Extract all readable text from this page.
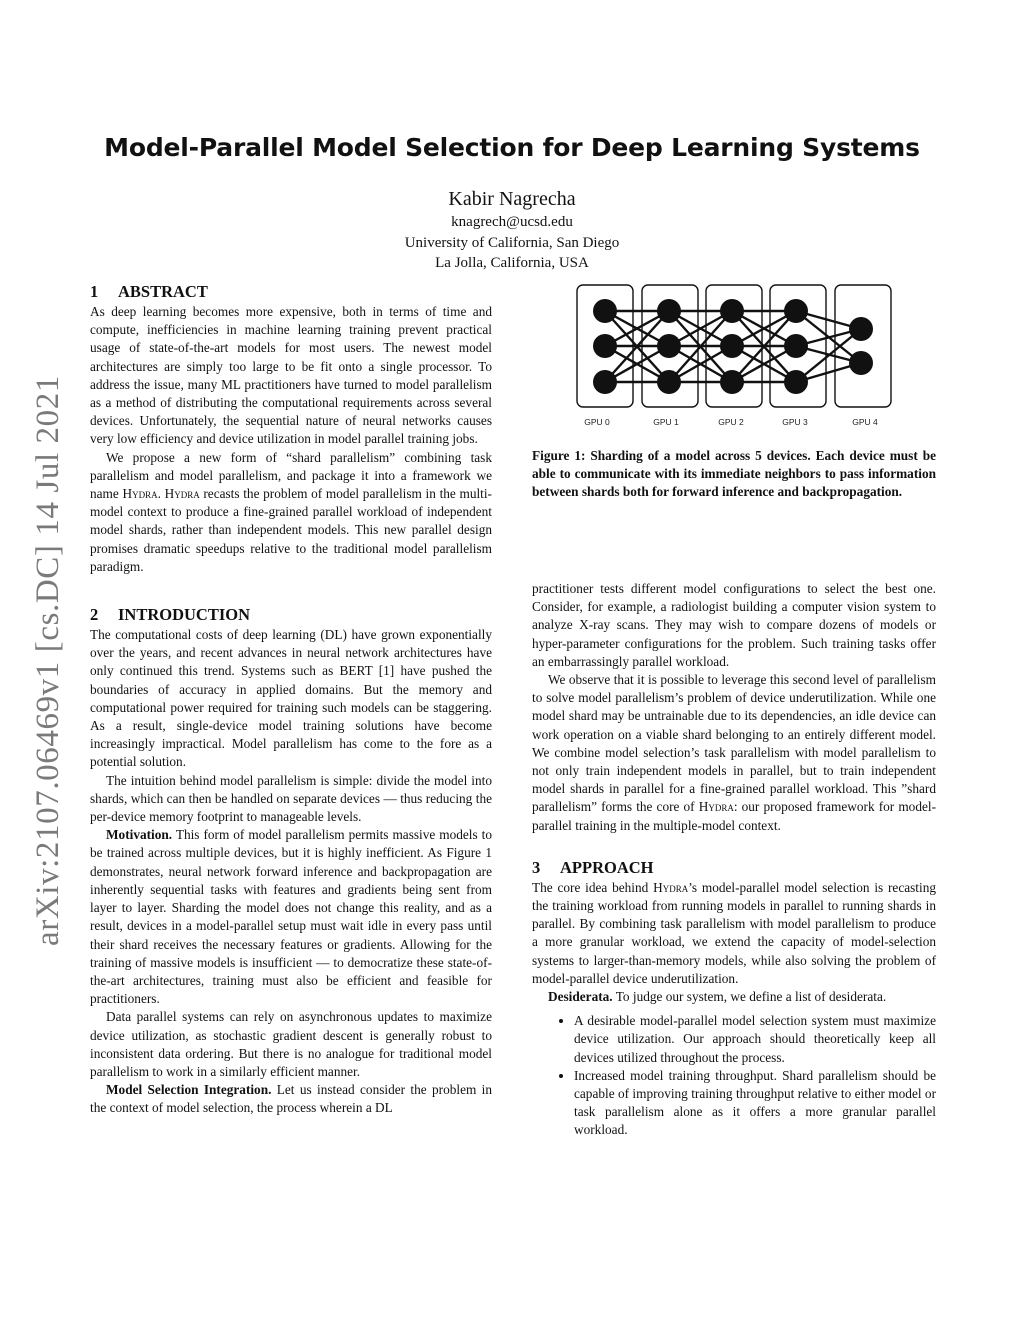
arXiv:2107.06469v1 [cs.DC] 14 Jul 2021
Model-Parallel Model Selection for Deep Learning Systems
Kabir Nagrecha
knagrech@ucsd.edu
University of California, San Diego
La Jolla, California, USA
1 ABSTRACT

As deep learning becomes more expensive, both in terms of time and compute, inefficiencies in machine learning training prevent practical usage of state-of-the-art models for most users. The newest model architectures are simply too large to be fit onto a single processor. To address the issue, many ML practitioners have turned to model parallelism as a method of distributing the computational requirements across several devices. Unfortunately, the sequential nature of neural networks causes very low efficiency and device utilization in model parallel training jobs.

We propose a new form of “shard parallelism” combining task parallelism and model parallelism, and package it into a framework we name Hydra. Hydra recasts the problem of model parallelism in the multi-model context to produce a fine-grained parallel workload of independent model shards, rather than independent models. This new parallel design promises dramatic speedups relative to the traditional model parallelism paradigm.

2 INTRODUCTION

The computational costs of deep learning (DL) have grown exponentially over the years, and recent advances in neural network architectures have only continued this trend. Systems such as BERT [1] have pushed the boundaries of accuracy in applied domains. But the memory and computational power required for training such models can be staggering. As a result, single-device model training solutions have become increasingly impractical. Model parallelism has come to the fore as a potential solution.

The intuition behind model parallelism is simple: divide the model into shards, which can then be handled on separate devices — thus reducing the per-device memory footprint to manageable levels.

Motivation. This form of model parallelism permits massive models to be trained across multiple devices, but it is highly inefficient. As Figure 1 demonstrates, neural network forward inference and backpropagation are inherently sequential tasks with features and gradients being sent from layer to layer. Sharding the model does not change this reality, and as a result, devices in a model-parallel setup must wait idle in every pass until their shard receives the necessary features or gradients. Allowing for the training of massive models is insufficient — to democratize these state-of-the-art architectures, training must also be efficient and feasible for practitioners.

Data parallel systems can rely on asynchronous updates to maximize device utilization, as stochastic gradient descent is generally robust to inconsistent data ordering. But there is no analogue for traditional model parallelism to work in a similarly efficient manner.

Model Selection Integration. Let us instead consider the problem in the context of model selection, the process wherein a DL

GPU 0	GPU 1	GPU 2	GPU 3	GPU 4
Figure 1: Sharding of a model across 5 devices. Each device must be able to communicate with its immediate neighbors to pass information between shards both for forward inference and backpropagation.

practitioner tests different model configurations to select the best one. Consider, for example, a radiologist building a computer vision system to analyze X-ray scans. They may wish to compare dozens of models or hyper-parameter configurations for the problem. Such training tasks offer an embarrassingly parallel workload.

We observe that it is possible to leverage this second level of parallelism to solve model parallelism’s problem of device underutilization. While one model shard may be untrainable due to its dependencies, an idle device can work operation on a viable shard belonging to an entirely different model. We combine model selection’s task parallelism with model parallelism to not only train independent models in parallel, but to train independent model shards in parallel for a fine-grained parallel workload. This ”shard parallelism” forms the core of Hydra: our proposed framework for model-parallel training in the multiple-model context.

3 APPROACH

The core idea behind Hydra’s model-parallel model selection is recasting the training workload from running models in parallel to running shards in parallel. By combining task parallelism with model parallelism to produce a more granular workload, we extend the capacity of model-selection systems to larger-than-memory models, while also solving the problem of model-parallel device underutilization.

Desiderata. To judge our system, we define a list of desiderata.

• A desirable model-parallel model selection system must maximize device utilization. Our approach should theoretically keep all devices utilized throughout the process.
• Increased model training throughput. Shard parallelism should be capable of improving training throughput relative to either model or task parallelism alone as it offers a more granular parallel workload.
